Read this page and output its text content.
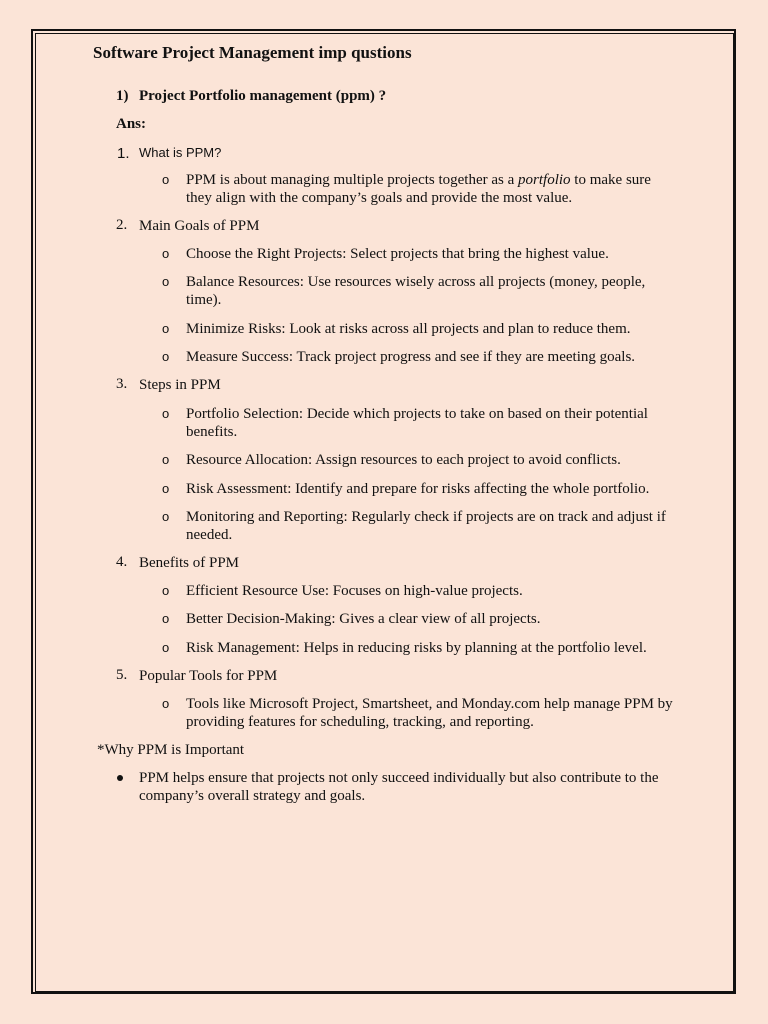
Software Project Management imp qustions
1) Project Portfolio management (ppm) ?
Ans:
1. What is PPM?
o PPM is about managing multiple projects together as a portfolio to make sure they align with the company’s goals and provide the most value.
2. Main Goals of PPM
o Choose the Right Projects: Select projects that bring the highest value.
o Balance Resources: Use resources wisely across all projects (money, people, time).
o Minimize Risks: Look at risks across all projects and plan to reduce them.
o Measure Success: Track project progress and see if they are meeting goals.
3. Steps in PPM
o Portfolio Selection: Decide which projects to take on based on their potential benefits.
o Resource Allocation: Assign resources to each project to avoid conflicts.
o Risk Assessment: Identify and prepare for risks affecting the whole portfolio.
o Monitoring and Reporting: Regularly check if projects are on track and adjust if needed.
4. Benefits of PPM
o Efficient Resource Use: Focuses on high-value projects.
o Better Decision-Making: Gives a clear view of all projects.
o Risk Management: Helps in reducing risks by planning at the portfolio level.
5. Popular Tools for PPM
o Tools like Microsoft Project, Smartsheet, and Monday.com help manage PPM by providing features for scheduling, tracking, and reporting.
*Why PPM is Important
PPM helps ensure that projects not only succeed individually but also contribute to the company’s overall strategy and goals.
